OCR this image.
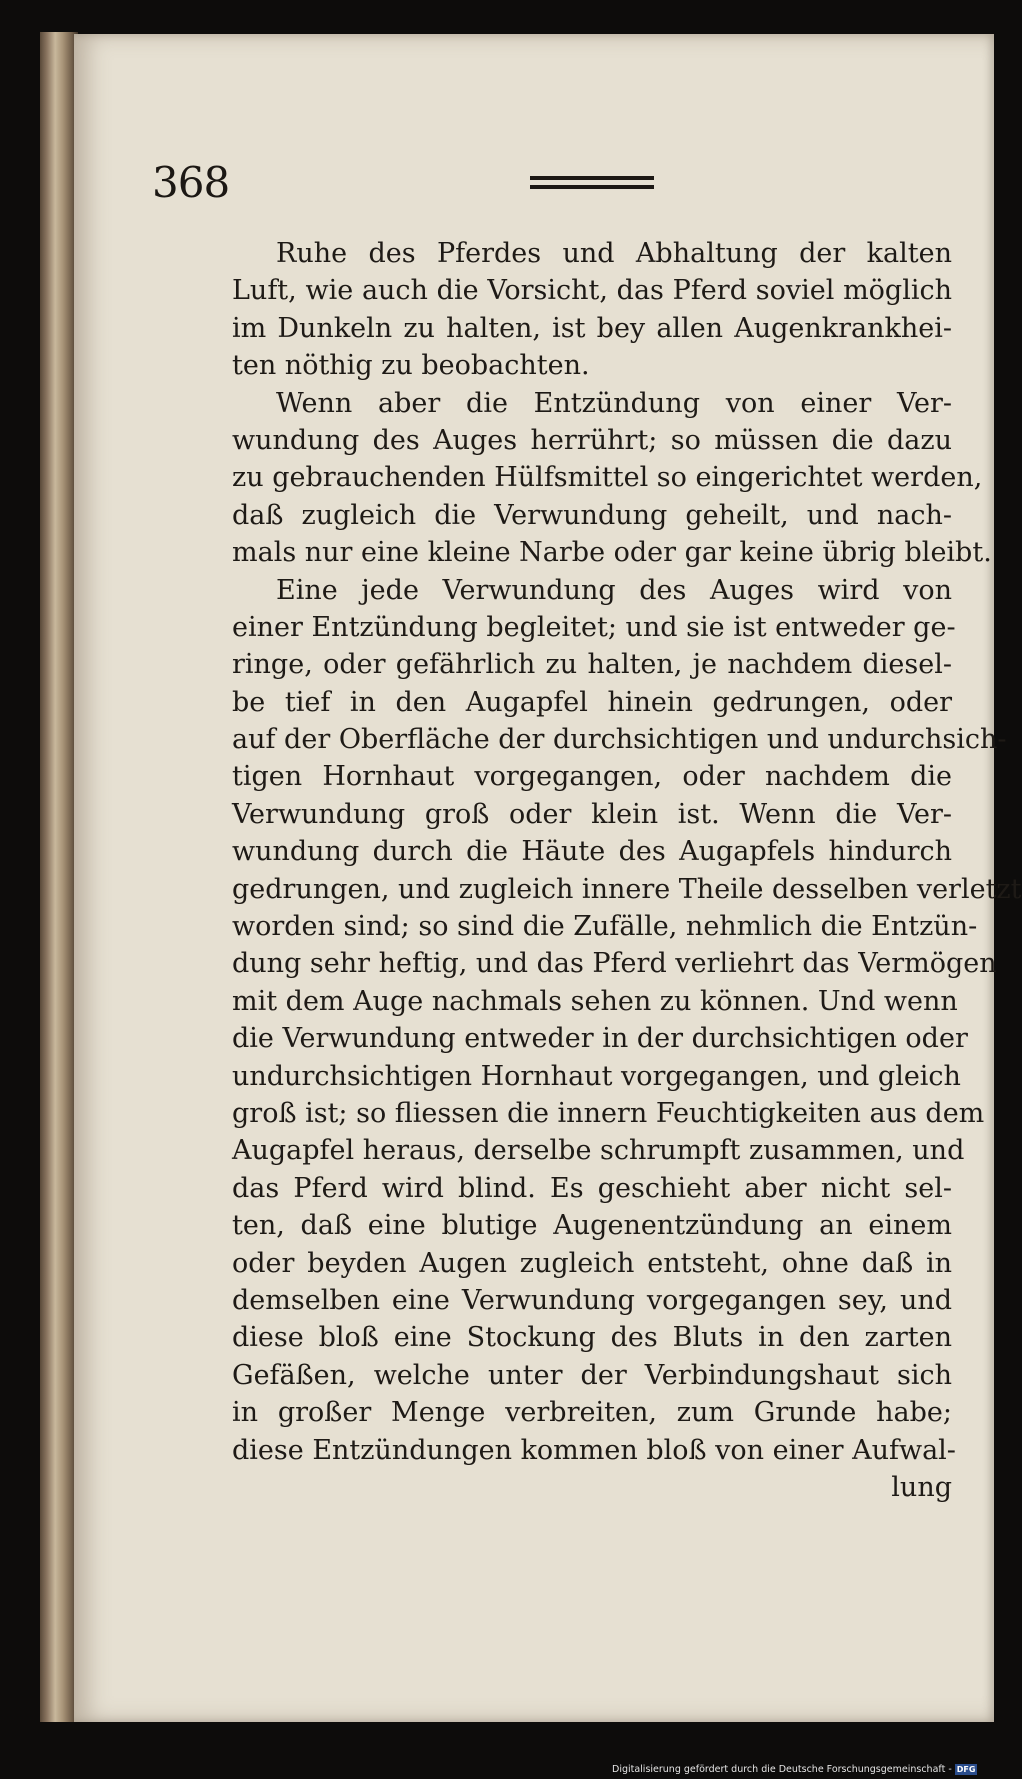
368
Ruhe des Pferdes und Abhaltung der kalten
Luft, wie auch die Vorsicht, das Pferd soviel möglich
im Dunkeln zu halten, ist bey allen Augenkrankhei-
ten nöthig zu beobachten.
Wenn aber die Entzündung von einer Ver-
wundung des Auges herrührt; so müssen die dazu
zu gebrauchenden Hülfsmittel so eingerichtet werden,
daß zugleich die Verwundung geheilt, und nach-
mals nur eine kleine Narbe oder gar keine übrig bleibt.
Eine jede Verwundung des Auges wird von
einer Entzündung begleitet; und sie ist entweder ge-
ringe, oder gefährlich zu halten, je nachdem diesel-
be tief in den Augapfel hinein gedrungen, oder
auf der Oberfläche der durchsichtigen und undurchsich-
tigen Hornhaut vorgegangen, oder nachdem die
Verwundung groß oder klein ist. Wenn die Ver-
wundung durch die Häute des Augapfels hindurch
gedrungen, und zugleich innere Theile desselben verletzt
worden sind; so sind die Zufälle, nehmlich die Entzün-
dung sehr heftig, und das Pferd verliehrt das Vermögen
mit dem Auge nachmals sehen zu können. Und wenn
die Verwundung entweder in der durchsichtigen oder
undurchsichtigen Hornhaut vorgegangen, und gleich
groß ist; so fliessen die innern Feuchtigkeiten aus dem
Augapfel heraus, derselbe schrumpft zusammen, und
das Pferd wird blind. Es geschieht aber nicht sel-
ten, daß eine blutige Augenentzündung an einem
oder beyden Augen zugleich entsteht, ohne daß in
demselben eine Verwundung vorgegangen sey, und
diese bloß eine Stockung des Bluts in den zarten
Gefäßen, welche unter der Verbindungshaut sich
in großer Menge verbreiten, zum Grunde habe;
diese Entzündungen kommen bloß von einer Aufwal-
lung
Digitalisierung gefördert durch die Deutsche Forschungsgemeinschaft - DFG
